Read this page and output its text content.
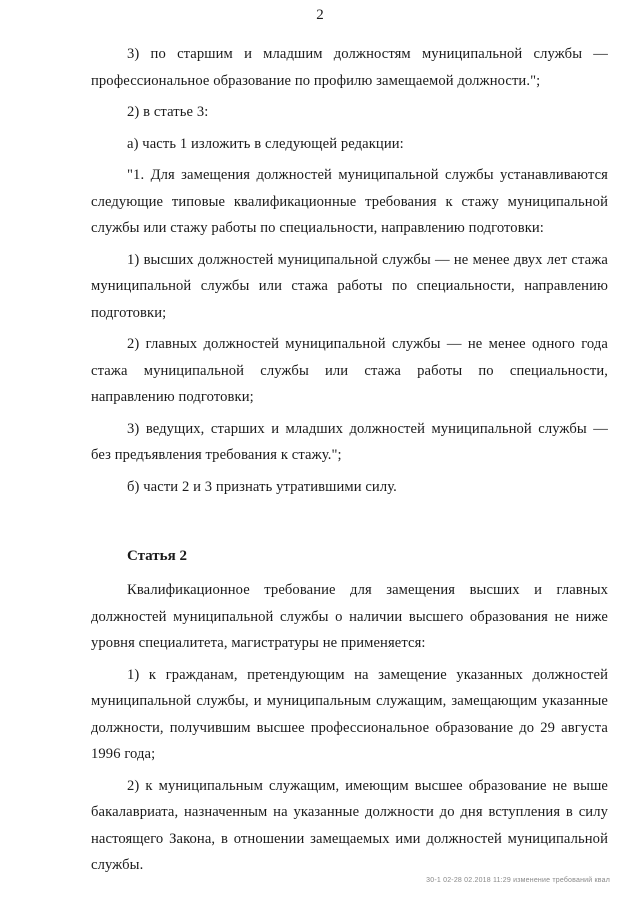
2

3) по старшим и младшим должностям муниципальной службы — профессиональное образование по профилю замещаемой должности.";

2) в статье 3:

а) часть 1 изложить в следующей редакции:

"1. Для замещения должностей муниципальной службы устанавливаются следующие типовые квалификационные требования к стажу муниципальной службы или стажу работы по специальности, направлению подготовки:

1) высших должностей муниципальной службы — не менее двух лет стажа муниципальной службы или стажа работы по специальности, направлению подготовки;

2) главных должностей муниципальной службы — не менее одного года стажа муниципальной службы или стажа работы по специальности, направлению подготовки;

3) ведущих, старших и младших должностей муниципальной службы — без предъявления требования к стажу.";

б) части 2 и 3 признать утратившими силу.

Статья 2

Квалификационное требование для замещения высших и главных должностей муниципальной службы о наличии высшего образования не ниже уровня специалитета, магистратуры не применяется:

1) к гражданам, претендующим на замещение указанных должностей муниципальной службы, и муниципальным служащим, замещающим указанные должности, получившим высшее профессиональное образование до 29 августа 1996 года;

2) к муниципальным служащим, имеющим высшее образование не выше бакалавриата, назначенным на указанные должности до дня вступления в силу настоящего Закона, в отношении замещаемых ими должностей муниципальной службы.

30-1 02-28 02.2018 11:29 изменение требований квал
